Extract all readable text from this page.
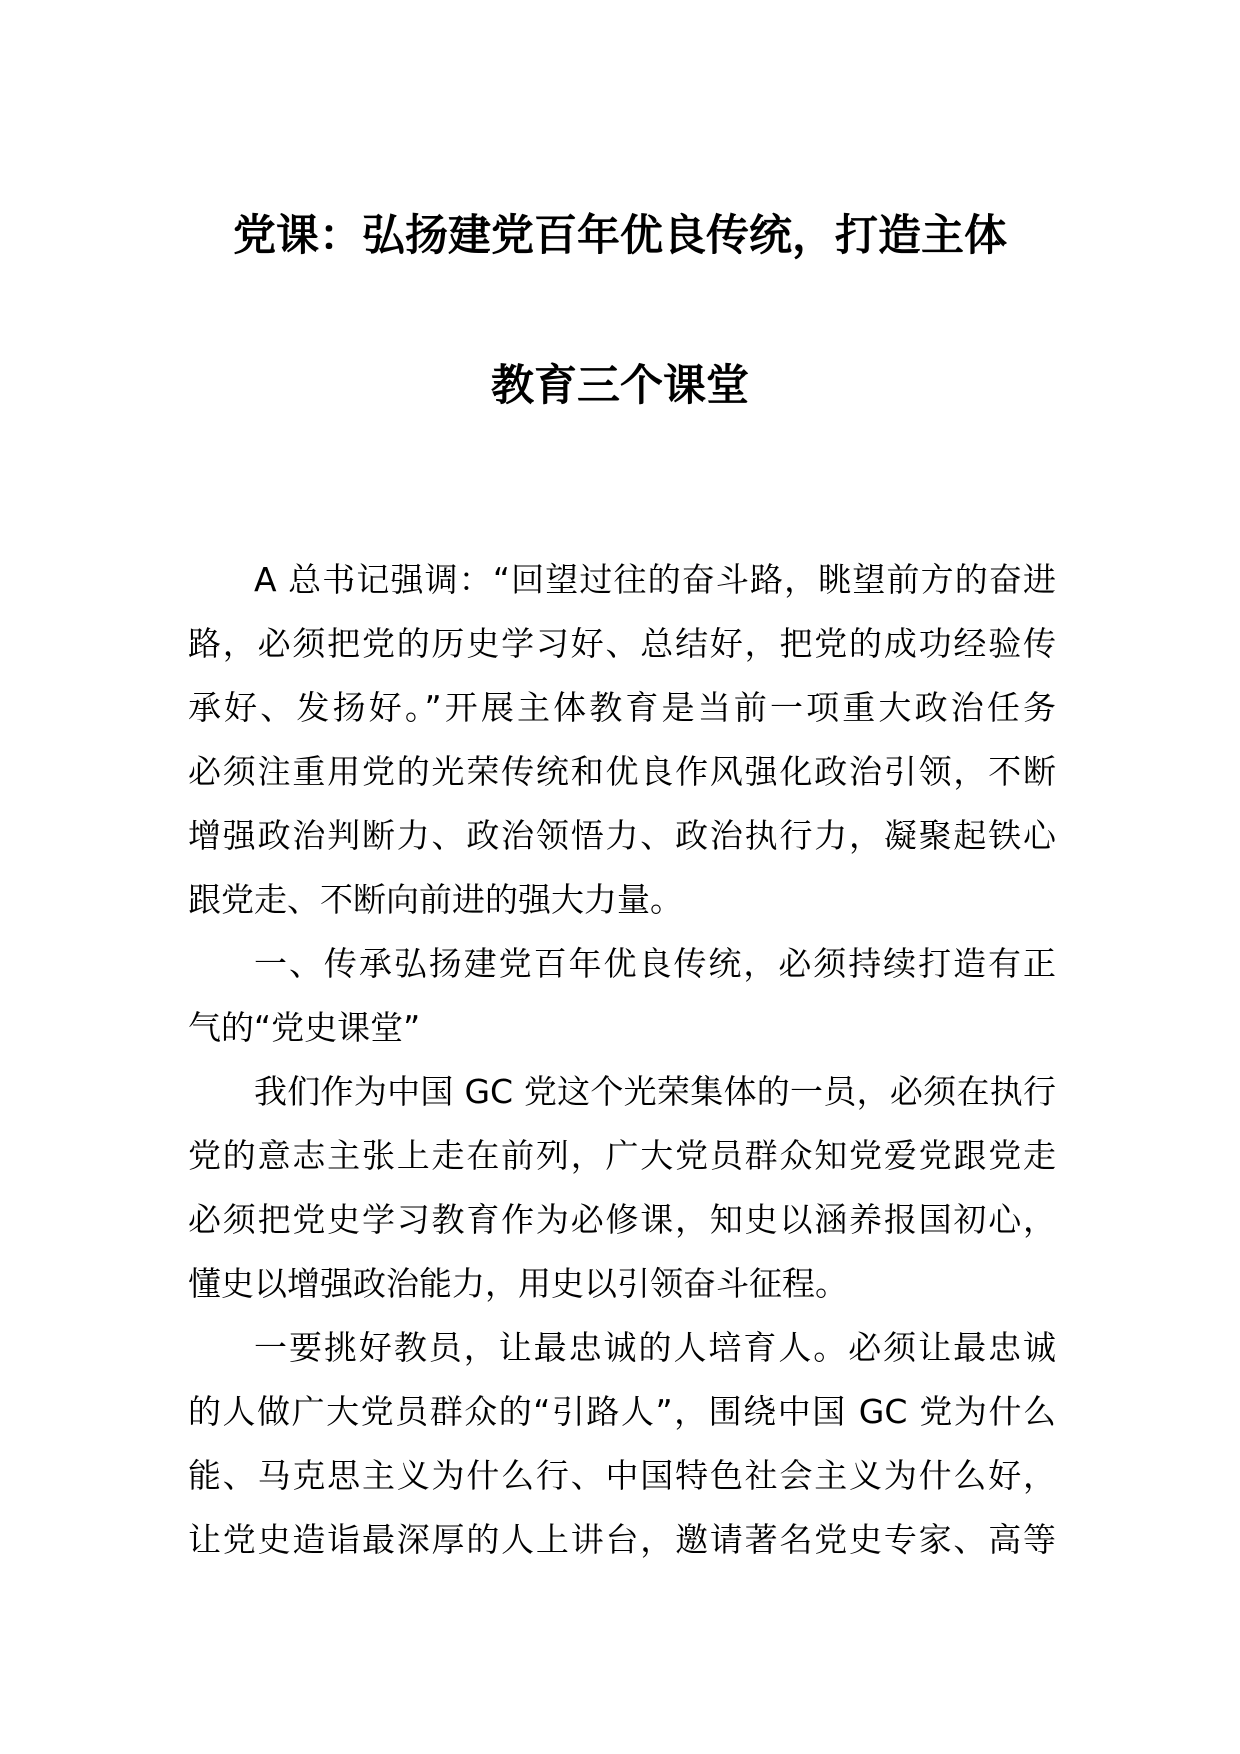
党课：弘扬建党百年优良传统，打造主体
教育三个课堂
A 总书记强调：“回望过往的奋斗路，眺望前方的奋进
路，必须把党的历史学习好、总结好，把党的成功经验传
承好、发扬好。”开展主体教育是当前一项重大政治任务
必须注重用党的光荣传统和优良作风强化政治引领，不断
增强政治判断力、政治领悟力、政治执行力，凝聚起铁心
跟党走、不断向前进的强大力量。
一、传承弘扬建党百年优良传统，必须持续打造有正
气的“党史课堂”
我们作为中国 GC 党这个光荣集体的一员，必须在执行
党的意志主张上走在前列，广大党员群众知党爱党跟党走
必须把党史学习教育作为必修课，知史以涵养报国初心，
懂史以增强政治能力，用史以引领奋斗征程。
一要挑好教员，让最忠诚的人培育人。必须让最忠诚
的人做广大党员群众的“引路人”，围绕中国 GC 党为什么
能、马克思主义为什么行、中国特色社会主义为什么好，
让党史造诣最深厚的人上讲台，邀请著名党史专家、高等
